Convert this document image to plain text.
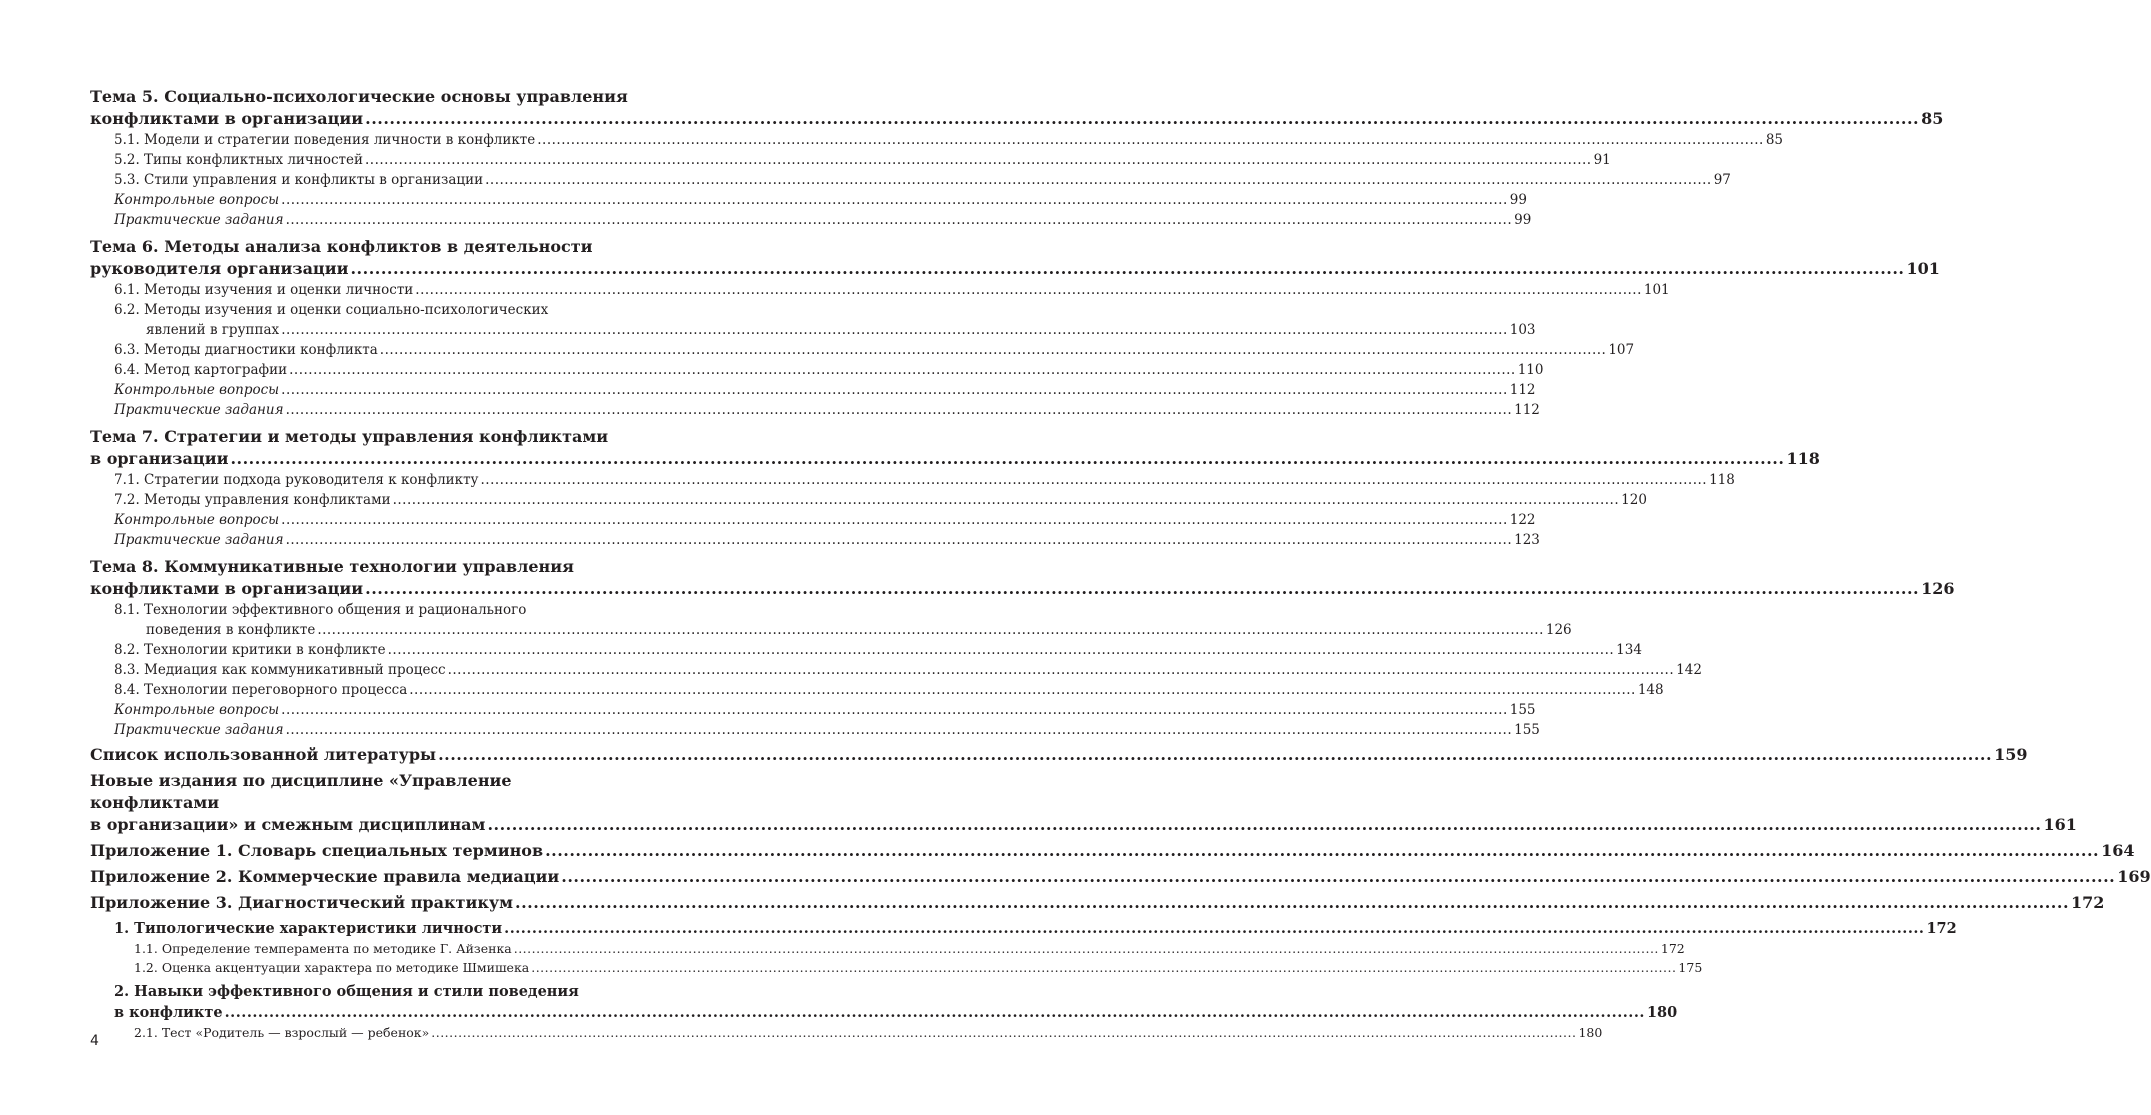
Тема 5. Социально-психологические основы управления
конфликтами в организации .....	85
5.1. Модели и стратегии поведения личности в конфликте .....	85
5.2. Типы конфликтных личностей .....	91
5.3. Стили управления и конфликты в организации .....	97
Контрольные вопросы .....	99
Практические задания .....	99
Тема 6. Методы анализа конфликтов в деятельности
руководителя организации .....	101
6.1. Методы изучения и оценки личности .....	101
6.2. Методы изучения и оценки социально-психологических
явлений в группах .....	103
6.3. Методы диагностики конфликта .....	107
6.4. Метод картографии .....	110
Контрольные вопросы .....	112
Практические задания .....	112
Тема 7. Стратегии и методы управления конфликтами
в организации .....	118
7.1. Стратегии подхода руководителя к конфликту .....	118
7.2. Методы управления конфликтами .....	120
Контрольные вопросы .....	122
Практические задания .....	123
Тема 8. Коммуникативные технологии управления
конфликтами в организации .....	126
8.1. Технологии эффективного общения и рационального
поведения в конфликте .....	126
8.2. Технологии критики в конфликте .....	134
8.3. Медиация как коммуникативный процесс .....	142
8.4. Технологии переговорного процесса .....	148
Контрольные вопросы .....	155
Практические задания .....	155
Список использованной литературы .....	159
Новые издания по дисциплине «Управление конфликтами
в организации» и смежным дисциплинам .....	161
Приложение 1. Словарь специальных терминов .....	164
Приложение 2. Коммерческие правила медиации .....	169
Приложение 3. Диагностический практикум .....	172
1. Типологические характеристики личности .....	172
1.1. Определение темперамента по методике Г. Айзенка .....	172
1.2. Оценка акцентуации характера по методике Шмишека .....	175
2. Навыки эффективного общения и стили поведения
в конфликте .....	180
2.1. Тест «Родитель — взрослый — ребенок» .....	180
4
